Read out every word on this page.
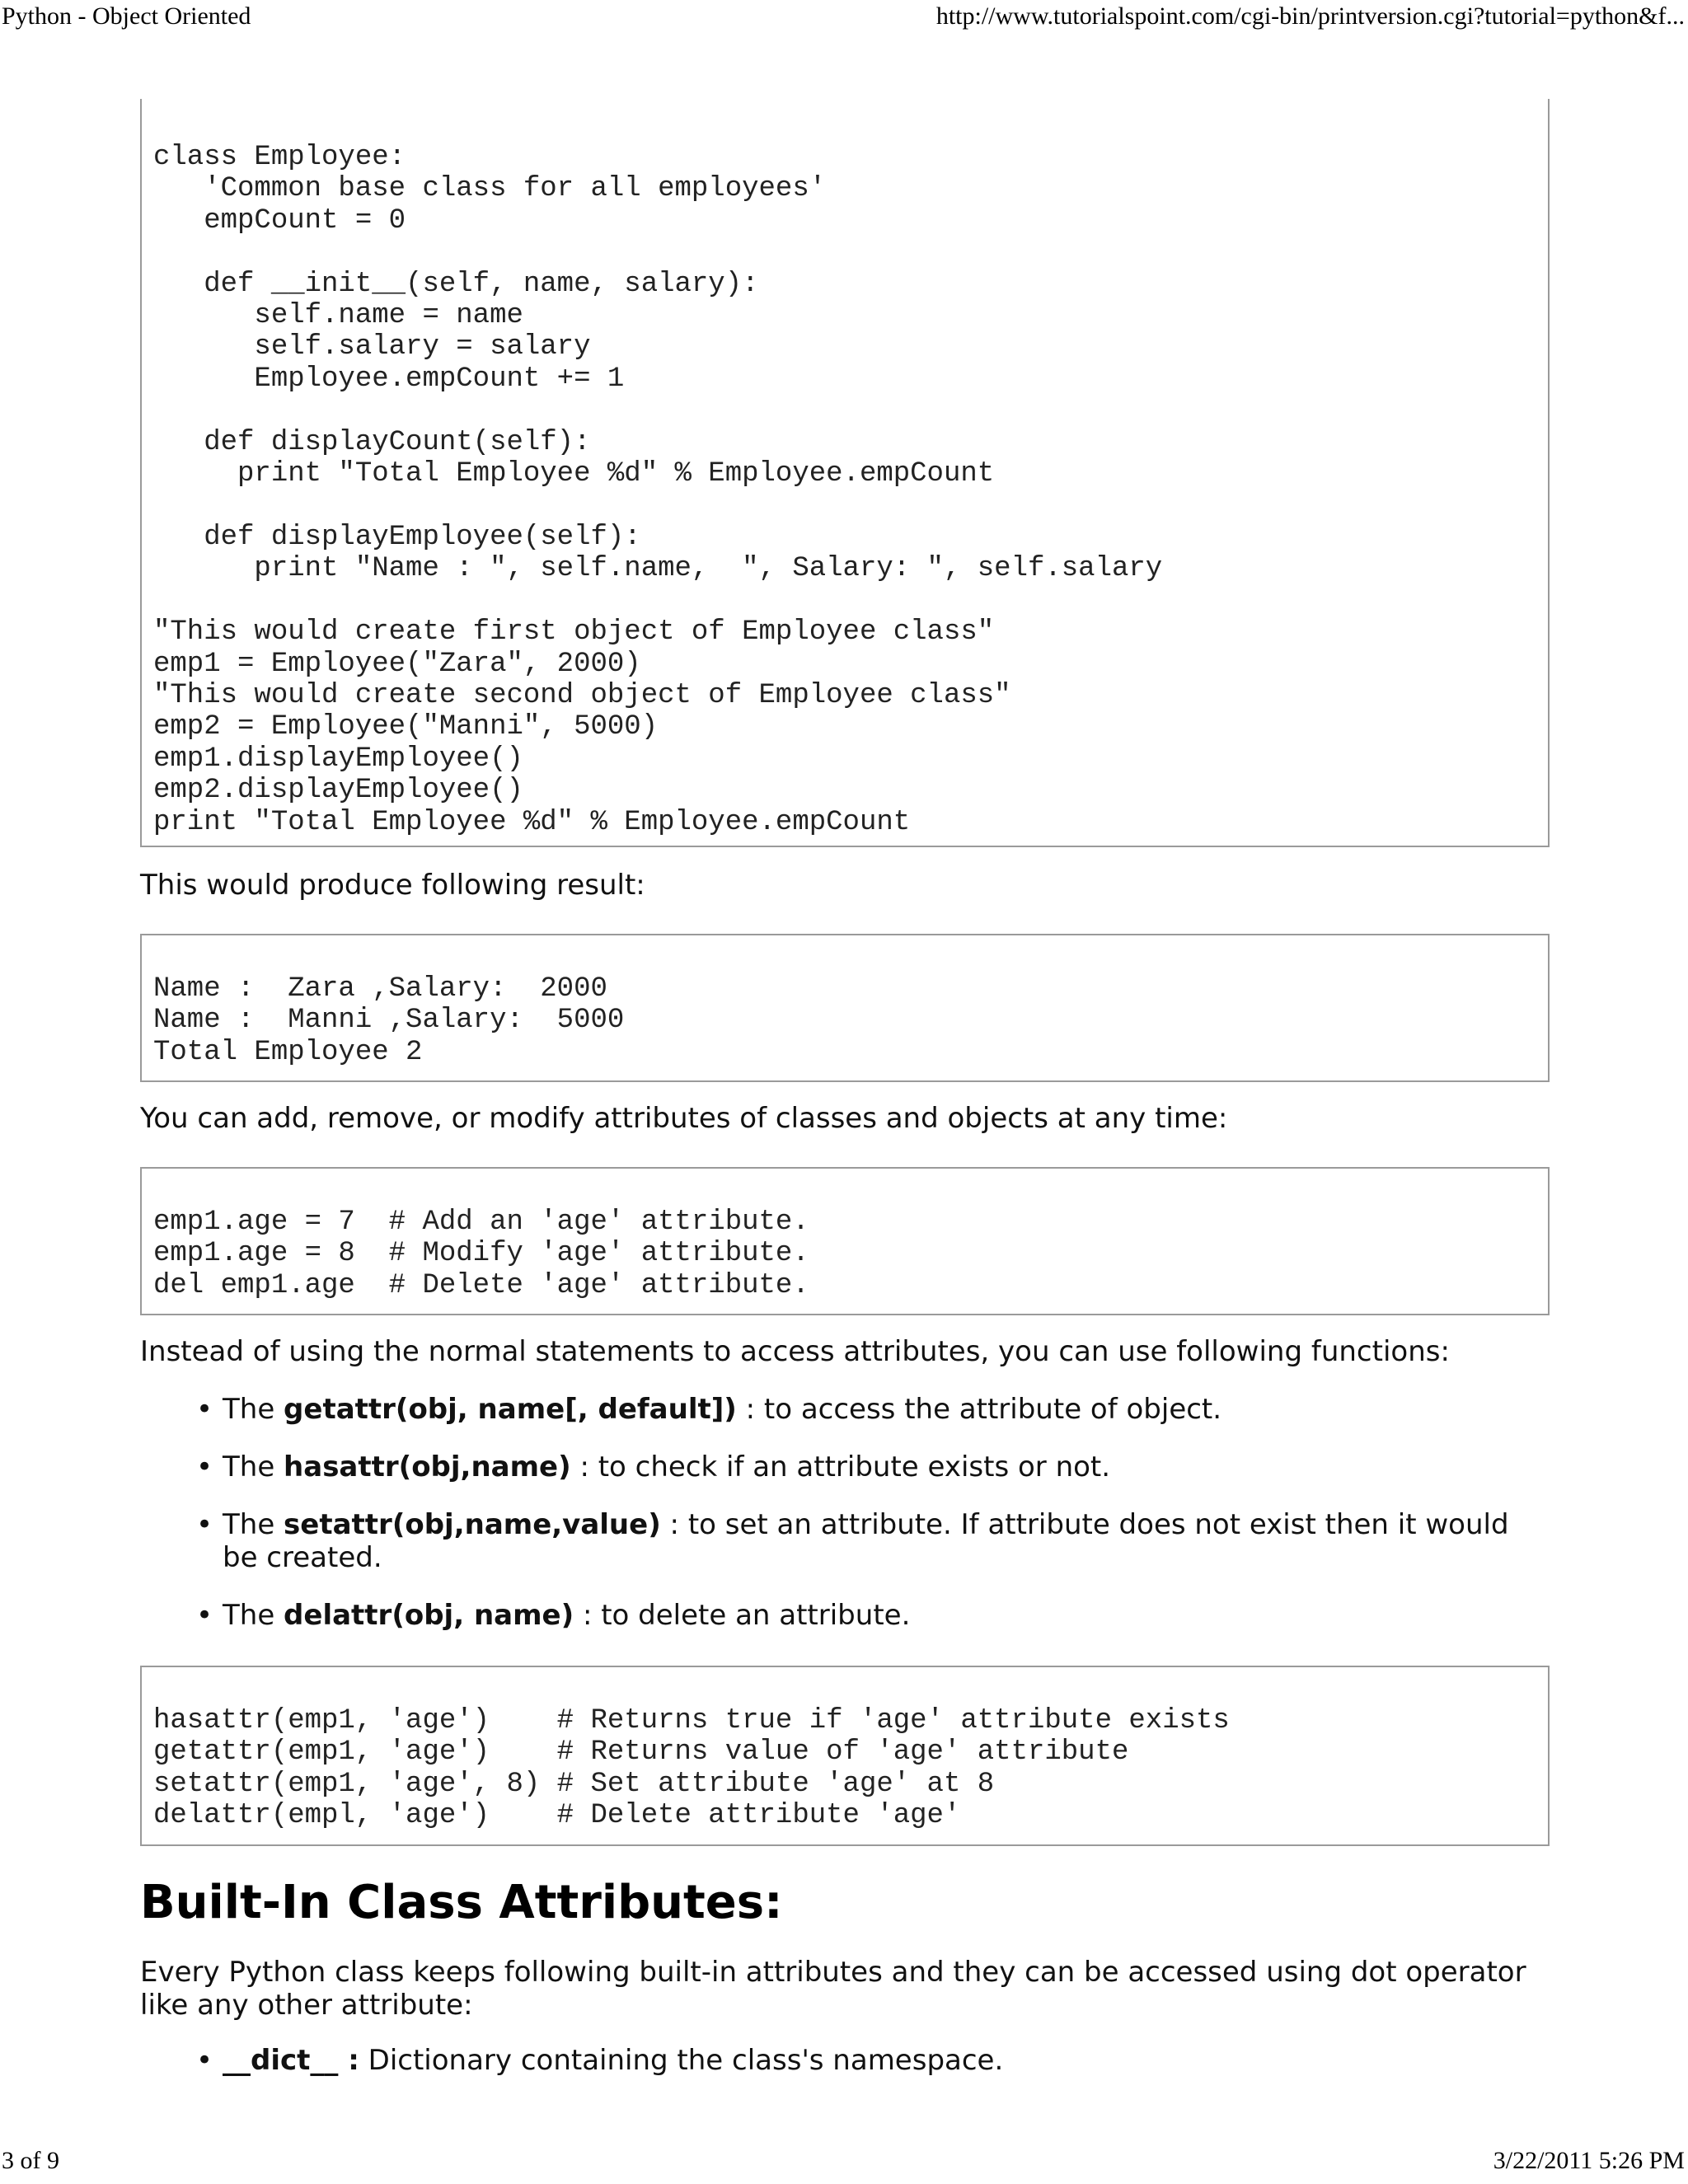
Python - Object Oriented	http://www.tutorialspoint.com/cgi-bin/printversion.cgi?tutorial=python&f...
class Employee:
'Common base class for all employees'
empCount = 0

def __init__(self, name, salary):
self.name = name
self.salary = salary
Employee.empCount += 1

def displayCount(self):
print "Total Employee %d" % Employee.empCount

def displayEmployee(self):
print "Name : ", self.name,  ", Salary: ", self.salary

"This would create first object of Employee class"
emp1 = Employee("Zara", 2000)
"This would create second object of Employee class"
emp2 = Employee("Manni", 5000)
emp1.displayEmployee()
emp2.displayEmployee()
print "Total Employee %d" % Employee.empCount
This would produce following result:
Name :  Zara ,Salary:  2000
Name :  Manni ,Salary:  5000
Total Employee 2
You can add, remove, or modify attributes of classes and objects at any time:
emp1.age = 7  # Add an 'age' attribute.
emp1.age = 8  # Modify 'age' attribute.
del emp1.age  # Delete 'age' attribute.
Instead of using the normal statements to access attributes, you can use following functions:
• The getattr(obj, name[, default]) : to access the attribute of object.
• The hasattr(obj,name) : to check if an attribute exists or not.
• The setattr(obj,name,value) : to set an attribute. If attribute does not exist then it would be created.
• The delattr(obj, name) : to delete an attribute.
hasattr(emp1, 'age')    # Returns true if 'age' attribute exists
getattr(emp1, 'age')    # Returns value of 'age' attribute
setattr(emp1, 'age', 8) # Set attribute 'age' at 8
delattr(empl, 'age')    # Delete attribute 'age'
Built-In Class Attributes:
Every Python class keeps following built-in attributes and they can be accessed using dot operator like any other attribute:
• __dict__ : Dictionary containing the class's namespace.
3 of 9	3/22/2011 5:26 PM
